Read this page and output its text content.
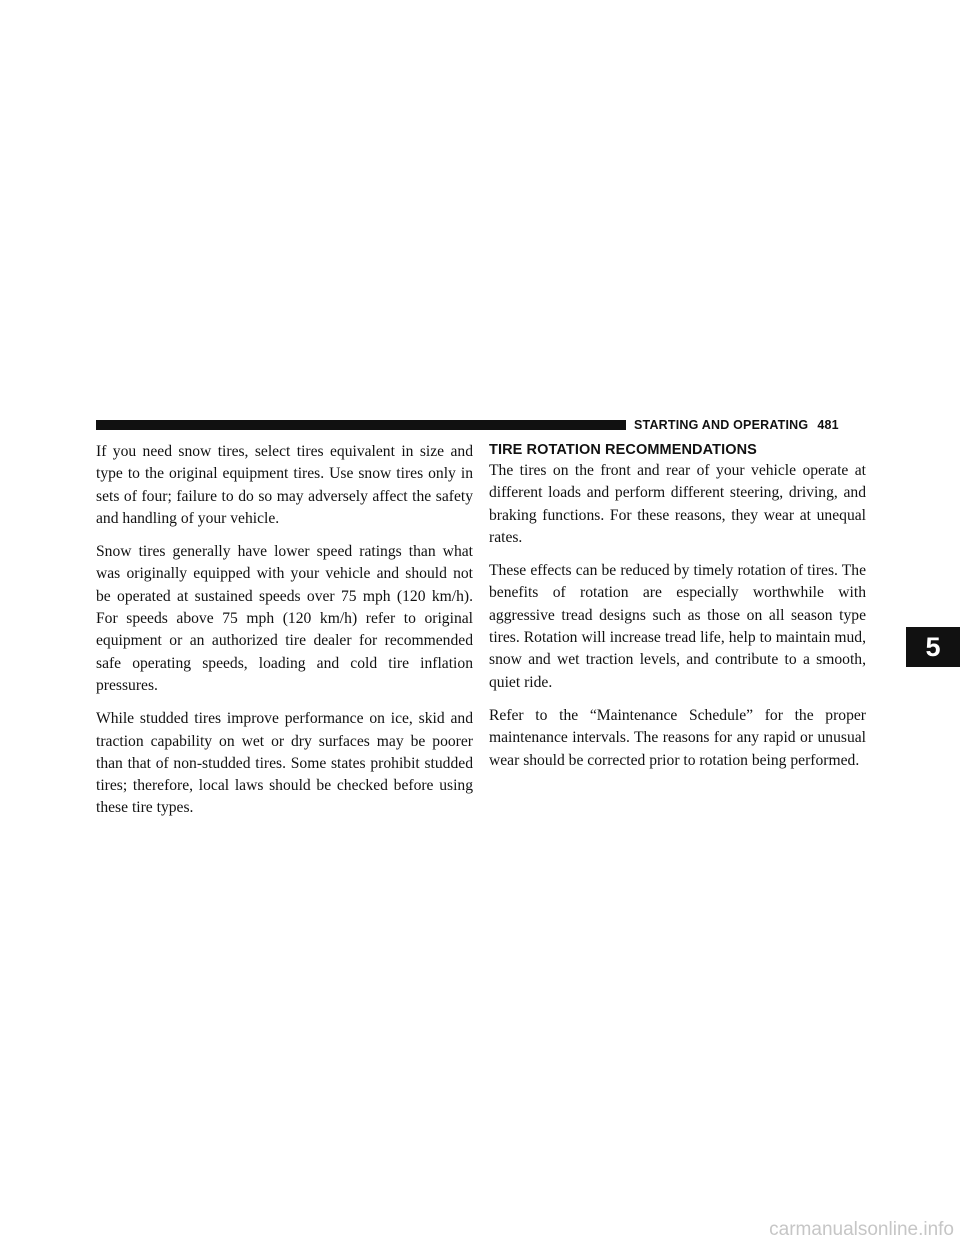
STARTING AND OPERATING 481

If you need snow tires, select tires equivalent in size and type to the original equipment tires. Use snow tires only in sets of four; failure to do so may adversely affect the safety and handling of your vehicle.

Snow tires generally have lower speed ratings than what was originally equipped with your vehicle and should not be operated at sustained speeds over 75 mph (120 km/h). For speeds above 75 mph (120 km/h) refer to original equipment or an authorized tire dealer for recommended safe operating speeds, loading and cold tire inflation pressures.

While studded tires improve performance on ice, skid and traction capability on wet or dry surfaces may be poorer than that of non-studded tires. Some states prohibit studded tires; therefore, local laws should be checked before using these tire types.

TIRE ROTATION RECOMMENDATIONS

The tires on the front and rear of your vehicle operate at different loads and perform different steering, driving, and braking functions. For these reasons, they wear at unequal rates.

These effects can be reduced by timely rotation of tires. The benefits of rotation are especially worthwhile with aggressive tread designs such as those on all season type tires. Rotation will increase tread life, help to maintain mud, snow and wet traction levels, and contribute to a smooth, quiet ride.

Refer to the “Maintenance Schedule” for the proper maintenance intervals. The reasons for any rapid or unusual wear should be corrected prior to rotation being performed.

5
carmanualsonline.info
